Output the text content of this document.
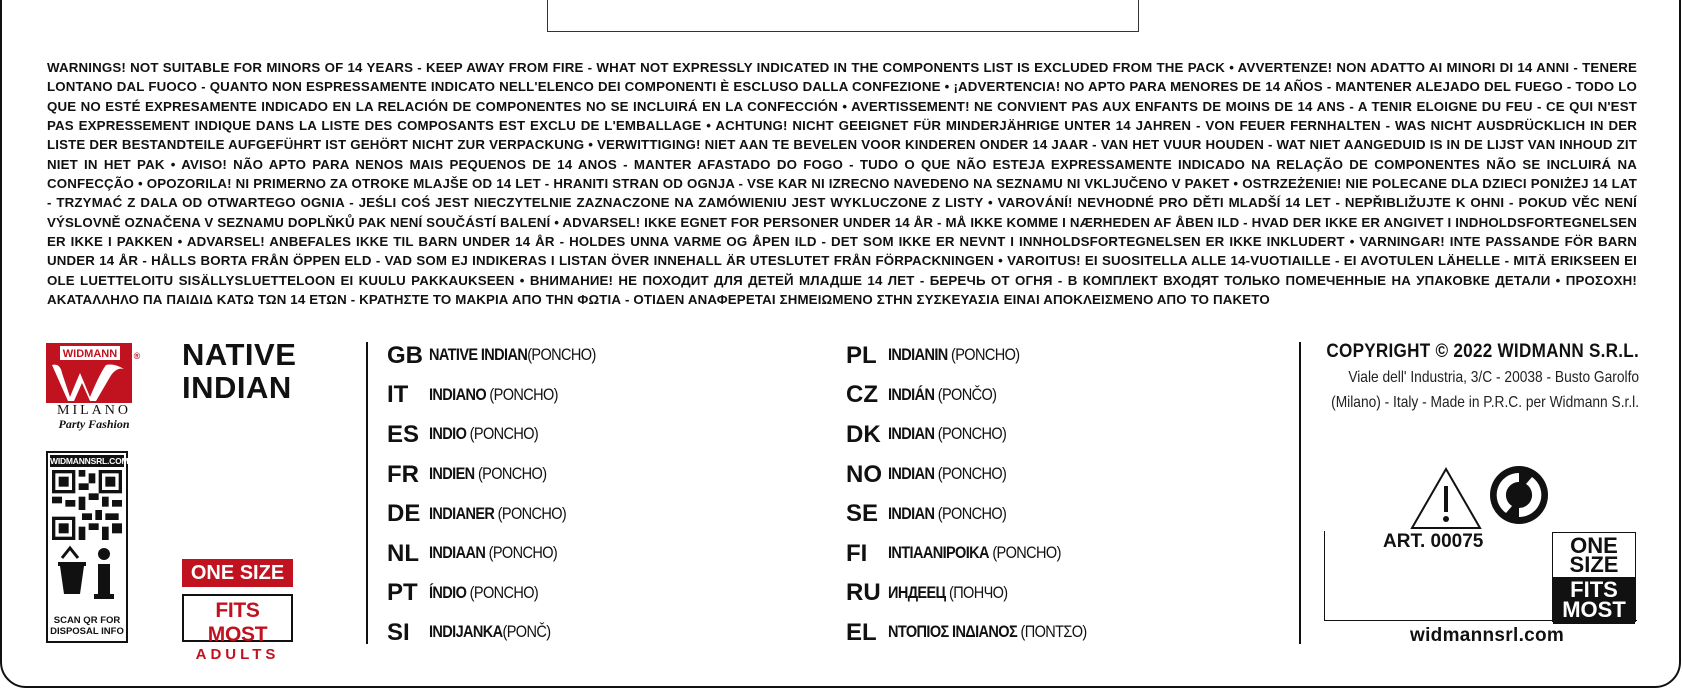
WARNINGS! NOT SUITABLE FOR MINORS OF 14 YEARS - KEEP AWAY FROM FIRE - WHAT NOT EXPRESSLY INDICATED IN THE COMPONENTS LIST IS EXCLUDED FROM THE PACK • AVVERTENZE! NON ADATTO AI MINORI DI 14 ANNI - TENERE LONTANO DAL FUOCO - QUANTO NON ESPRESSAMENTE INDICATO NELL'ELENCO DEI COMPONENTI È ESCLUSO DALLA CONFEZIONE • ¡ADVERTENCIA! NO APTO PARA MENORES DE 14 AÑOS - MANTENER ALEJADO DEL FUEGO - TODO LO QUE NO ESTÉ EXPRESAMENTE INDICADO EN LA RELACIÓN DE COMPONENTES NO SE INCLUIRÁ EN LA CONFECCIÓN • AVERTISSEMENT! NE CONVIENT PAS AUX ENFANTS DE MOINS DE 14 ANS - A TENIR ELOIGNE DU FEU - CE QUI N'EST PAS EXPRESSEMENT INDIQUE DANS LA LISTE DES COMPOSANTS EST EXCLU DE L'EMBALLAGE • ACHTUNG! NICHT GEEIGNET FÜR MINDERJÄHRIGE UNTER 14 JAHREN - VON FEUER FERNHALTEN - WAS NICHT AUSDRÜCKLICH IN DER LISTE DER BESTANDTEILE AUFGEFÜHRT IST GEHÖRT NICHT ZUR VERPACKUNG • VERWITTIGING! NIET AAN TE BEVELEN VOOR KINDEREN ONDER 14 JAAR - VAN HET VUUR HOUDEN - WAT NIET AANGEDUID IS IN DE LIJST VAN INHOUD ZIT NIET IN HET PAK • AVISO! NÃO APTO PARA NENOS MAIS PEQUENOS DE 14 ANOS - MANTER AFASTADO DO FOGO - TUDO O QUE NÃO ESTEJA EXPRESSAMENTE INDICADO NA RELAÇÃO DE COMPONENTES NÃO SE INCLUIRÁ NA CONFECÇÃO • OPOZORILA! NI PRIMERNO ZA OTROKE MLAJŠE OD 14 LET - HRANITI STRAN OD OGNJA - VSE KAR NI IZRECNO NAVEDENO NA SEZNAMU NI VKLJUČENO V PAKET • OSTRZEŻENIE! NIE POLECANE DLA DZIECI PONIŻEJ 14 LAT - TRZYMAĆ Z DALA OD OTWARTEGO OGNIA - JEŚLI COŚ JEST NIECZYTELNIE ZAZNACZONE NA ZAMÓWIENIU JEST WYKLUCZONE Z LISTY • VAROVÁNÍ! NEVHODNÉ PRO DĚTI MLADŠÍ 14 LET - NEPŘIBLIŽUJTE K OHNI - POKUD VĚC NENÍ VÝSLOVNĚ OZNAČENA V SEZNAMU DOPLŇKŮ PAK NENÍ SOUČÁSTÍ BALENÍ • ADVARSEL! IKKE EGNET FOR PERSONER UNDER 14 ÅR - MÅ IKKE KOMME I NÆRHEDEN AF ÅBEN ILD - HVAD DER IKKE ER ANGIVET I INDHOLDSFORTEGNELSEN ER IKKE I PAKKEN • ADVARSEL! ANBEFALES IKKE TIL BARN UNDER 14 ÅR - HOLDES UNNA VARME OG ÅPEN ILD - DET SOM IKKE ER NEVNT I INNHOLDSFORTEGNELSEN ER IKKE INKLUDERT • VARNINGAR! INTE PASSANDE FÖR BARN UNDER 14 ÅR - HÅLLS BORTA FRÅN ÖPPEN ELD - VAD SOM EJ INDIKERAS I LISTAN ÖVER INNEHALL ÄR UTESLUTET FRÅN FÖRPACKNINGEN • VAROITUS! EI SUOSITELLA ALLE 14-VUOTIAILLE - EI AVOTULEN LÄHELLE - MITÄ ERIKSEEN EI OLE LUETTELOITU SISÄLLYSLUETTELOON EI KUULU PAKKAUKSEEN • ВНИМАНИЕ! НЕ ПОХОДИТ ДЛЯ ДЕТЕЙ МЛАДШЕ 14 ЛЕТ - БЕРЕЧЬ ОТ ОГНЯ - В КОМПЛЕКТ ВХОДЯТ ТОЛЬКО ПОМЕЧЕННЫЕ НА УПАКОВКЕ ДЕТАЛИ • ΠΡΟΣΟΧΗ! ΑΚΑΤΑΛΛΗΛΟ ΠΑ ΠΑΙΔΙΔ ΚΑΤΩ ΤΩΝ 14 ΕΤΩΝ - ΚΡΑΤΗΣΤΕ ΤΟ ΜΑΚΡΙΑ ΑΠΟ ΤΗΝ ΦΩΤΙΑ - ΟΤΙΔΕΝ ΑΝΑΦΕΡΕΤΑΙ ΣΗΜΕΙΩΜΕΝΟ ΣΤΗΝ ΣΥΣΚΕΥΑΣΙΑ ΕΙΝΑΙ ΑΠΟΚΛΕΙΣΜΕΝΟ ΑΠΟ ΤΟ ΠΑΚΕΤΟ
WIDMANN ®
MILANO
Party Fashion
WIDMANNSRL.COM
SCAN QR FOR
DISPOSAL INFO
NATIVE
INDIAN
ONE SIZE
FITS MOST
ADULTS
GB NATIVE INDIAN(PONCHO)
IT	INDIANO (PONCHO)
ES INDIO (PONCHO)
FR INDIEN (PONCHO)
DE INDIANER (PONCHO)
NL INDIAAN (PONCHO)
PT ÍNDIO (PONCHO)
SI	INDIJANKA(PONČ)
PL INDIANIN (PONCHO)
CZ INDIÁN (PONČO)
DK INDIAN (PONCHO)
NO INDIAN (PONCHO)
SE INDIAN (PONCHO)
FI	INTIAANIPOIKA (PONCHO)
RU ИНДЕЕЦ (ПОНЧО)
EL ΝΤΟΠΙΟΣ ΙΝΔΙΑΝΟΣ (ΠΟΝΤΣΟ)
COPYRIGHT © 2022 WIDMANN S.R.L.
Viale dell' Industria, 3/C - 20038 - Busto Garolfo
(Milano) - Italy - Made in P.R.C. per Widmann S.r.l.
ART. 00075	ONE
SIZE
FITS
MOST
widmannsrl.com
